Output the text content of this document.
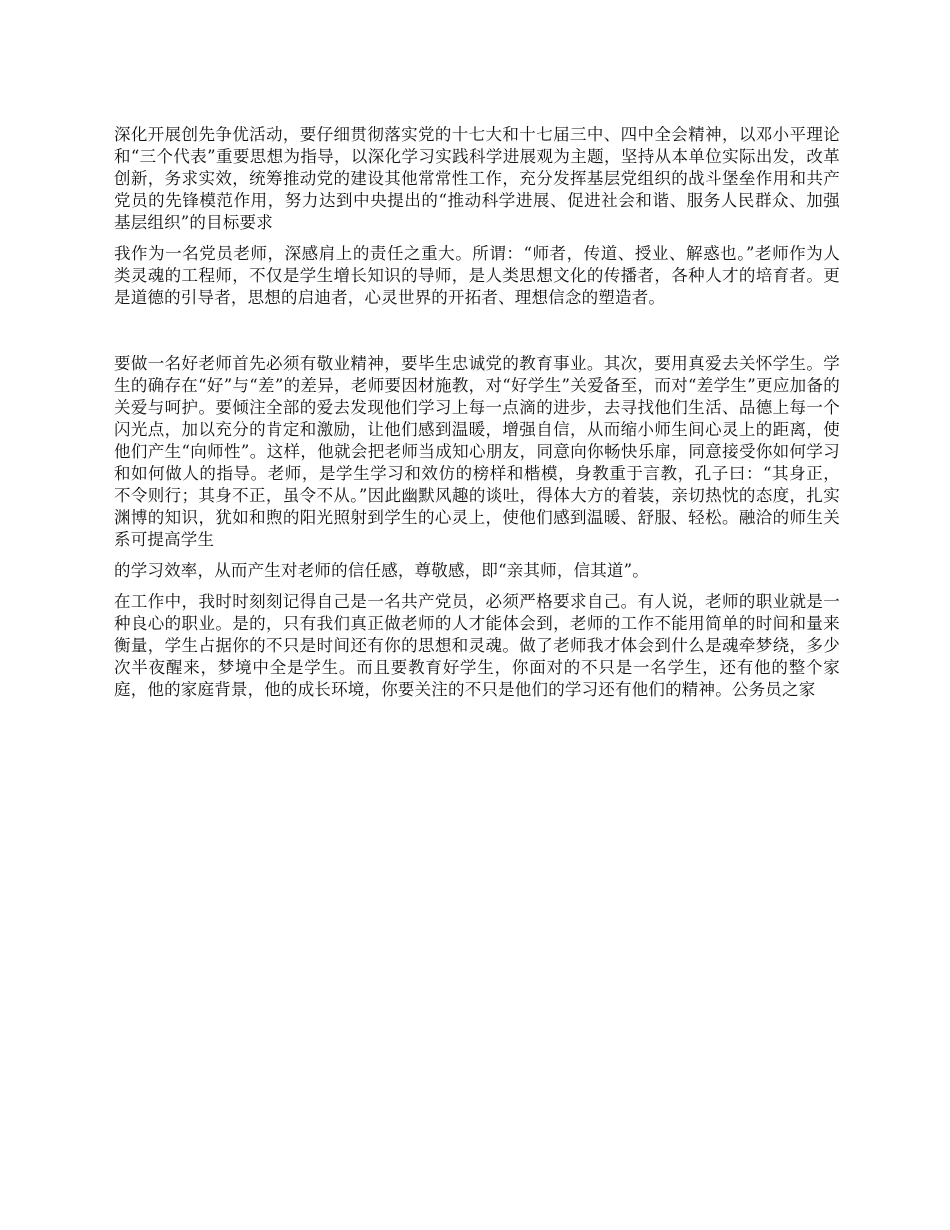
深化开展创先争优活动，要仔细贯彻落实党的十七大和十七届三中、四中全会精神，以邓小平理论和“三个代表”重要思想为指导，以深化学习实践科学进展观为主题，坚持从本单位实际出发，改革创新，务求实效，统筹推动党的建设其他常常性工作，充分发挥基层党组织的战斗堡垒作用和共产党员的先锋模范作用，努力达到中央提出的“推动科学进展、促进社会和谐、服务人民群众、加强基层组织”的目标要求

我作为一名党员老师，深感肩上的责任之重大。所谓：“师者，传道、授业、解惑也。”老师作为人类灵魂的工程师，不仅是学生增长知识的导师，是人类思想文化的传播者，各种人才的培育者。更是道德的引导者，思想的启迪者，心灵世界的开拓者、理想信念的塑造者。

要做一名好老师首先必须有敬业精神，要毕生忠诚党的教育事业。其次，要用真爱去关怀学生。学生的确存在“好”与“差”的差异，老师要因材施教，对“好学生”关爱备至，而对“差学生”更应加备的关爱与呵护。要倾注全部的爱去发现他们学习上每一点滴的进步，去寻找他们生活、品德上每一个闪光点，加以充分的肯定和激励，让他们感到温暖，增强自信，从而缩小师生间心灵上的距离，使他们产生“向师性”。这样，他就会把老师当成知心朋友，同意向你畅快乐扉，同意接受你如何学习和如何做人的指导。老师，是学生学习和效仿的榜样和楷模，身教重于言教，孔子曰：“其身正，不令则行；其身不正，虽令不从。”因此幽默风趣的谈吐，得体大方的着装，亲切热忱的态度，扎实渊博的知识，犹如和煦的阳光照射到学生的心灵上，使他们感到温暖、舒服、轻松。融洽的师生关系可提高学生

的学习效率，从而产生对老师的信任感，尊敬感，即“亲其师，信其道”。

在工作中，我时时刻刻记得自己是一名共产党员，必须严格要求自己。有人说，老师的职业就是一种良心的职业。是的，只有我们真正做老师的人才能体会到，老师的工作不能用简单的时间和量来衡量，学生占据你的不只是时间还有你的思想和灵魂。做了老师我才体会到什么是魂牵梦绕，多少次半夜醒来，梦境中全是学生。而且要教育好学生，你面对的不只是一名学生，还有他的整个家庭，他的家庭背景，他的成长环境，你要关注的不只是他们的学习还有他们的精神。公务员之家
